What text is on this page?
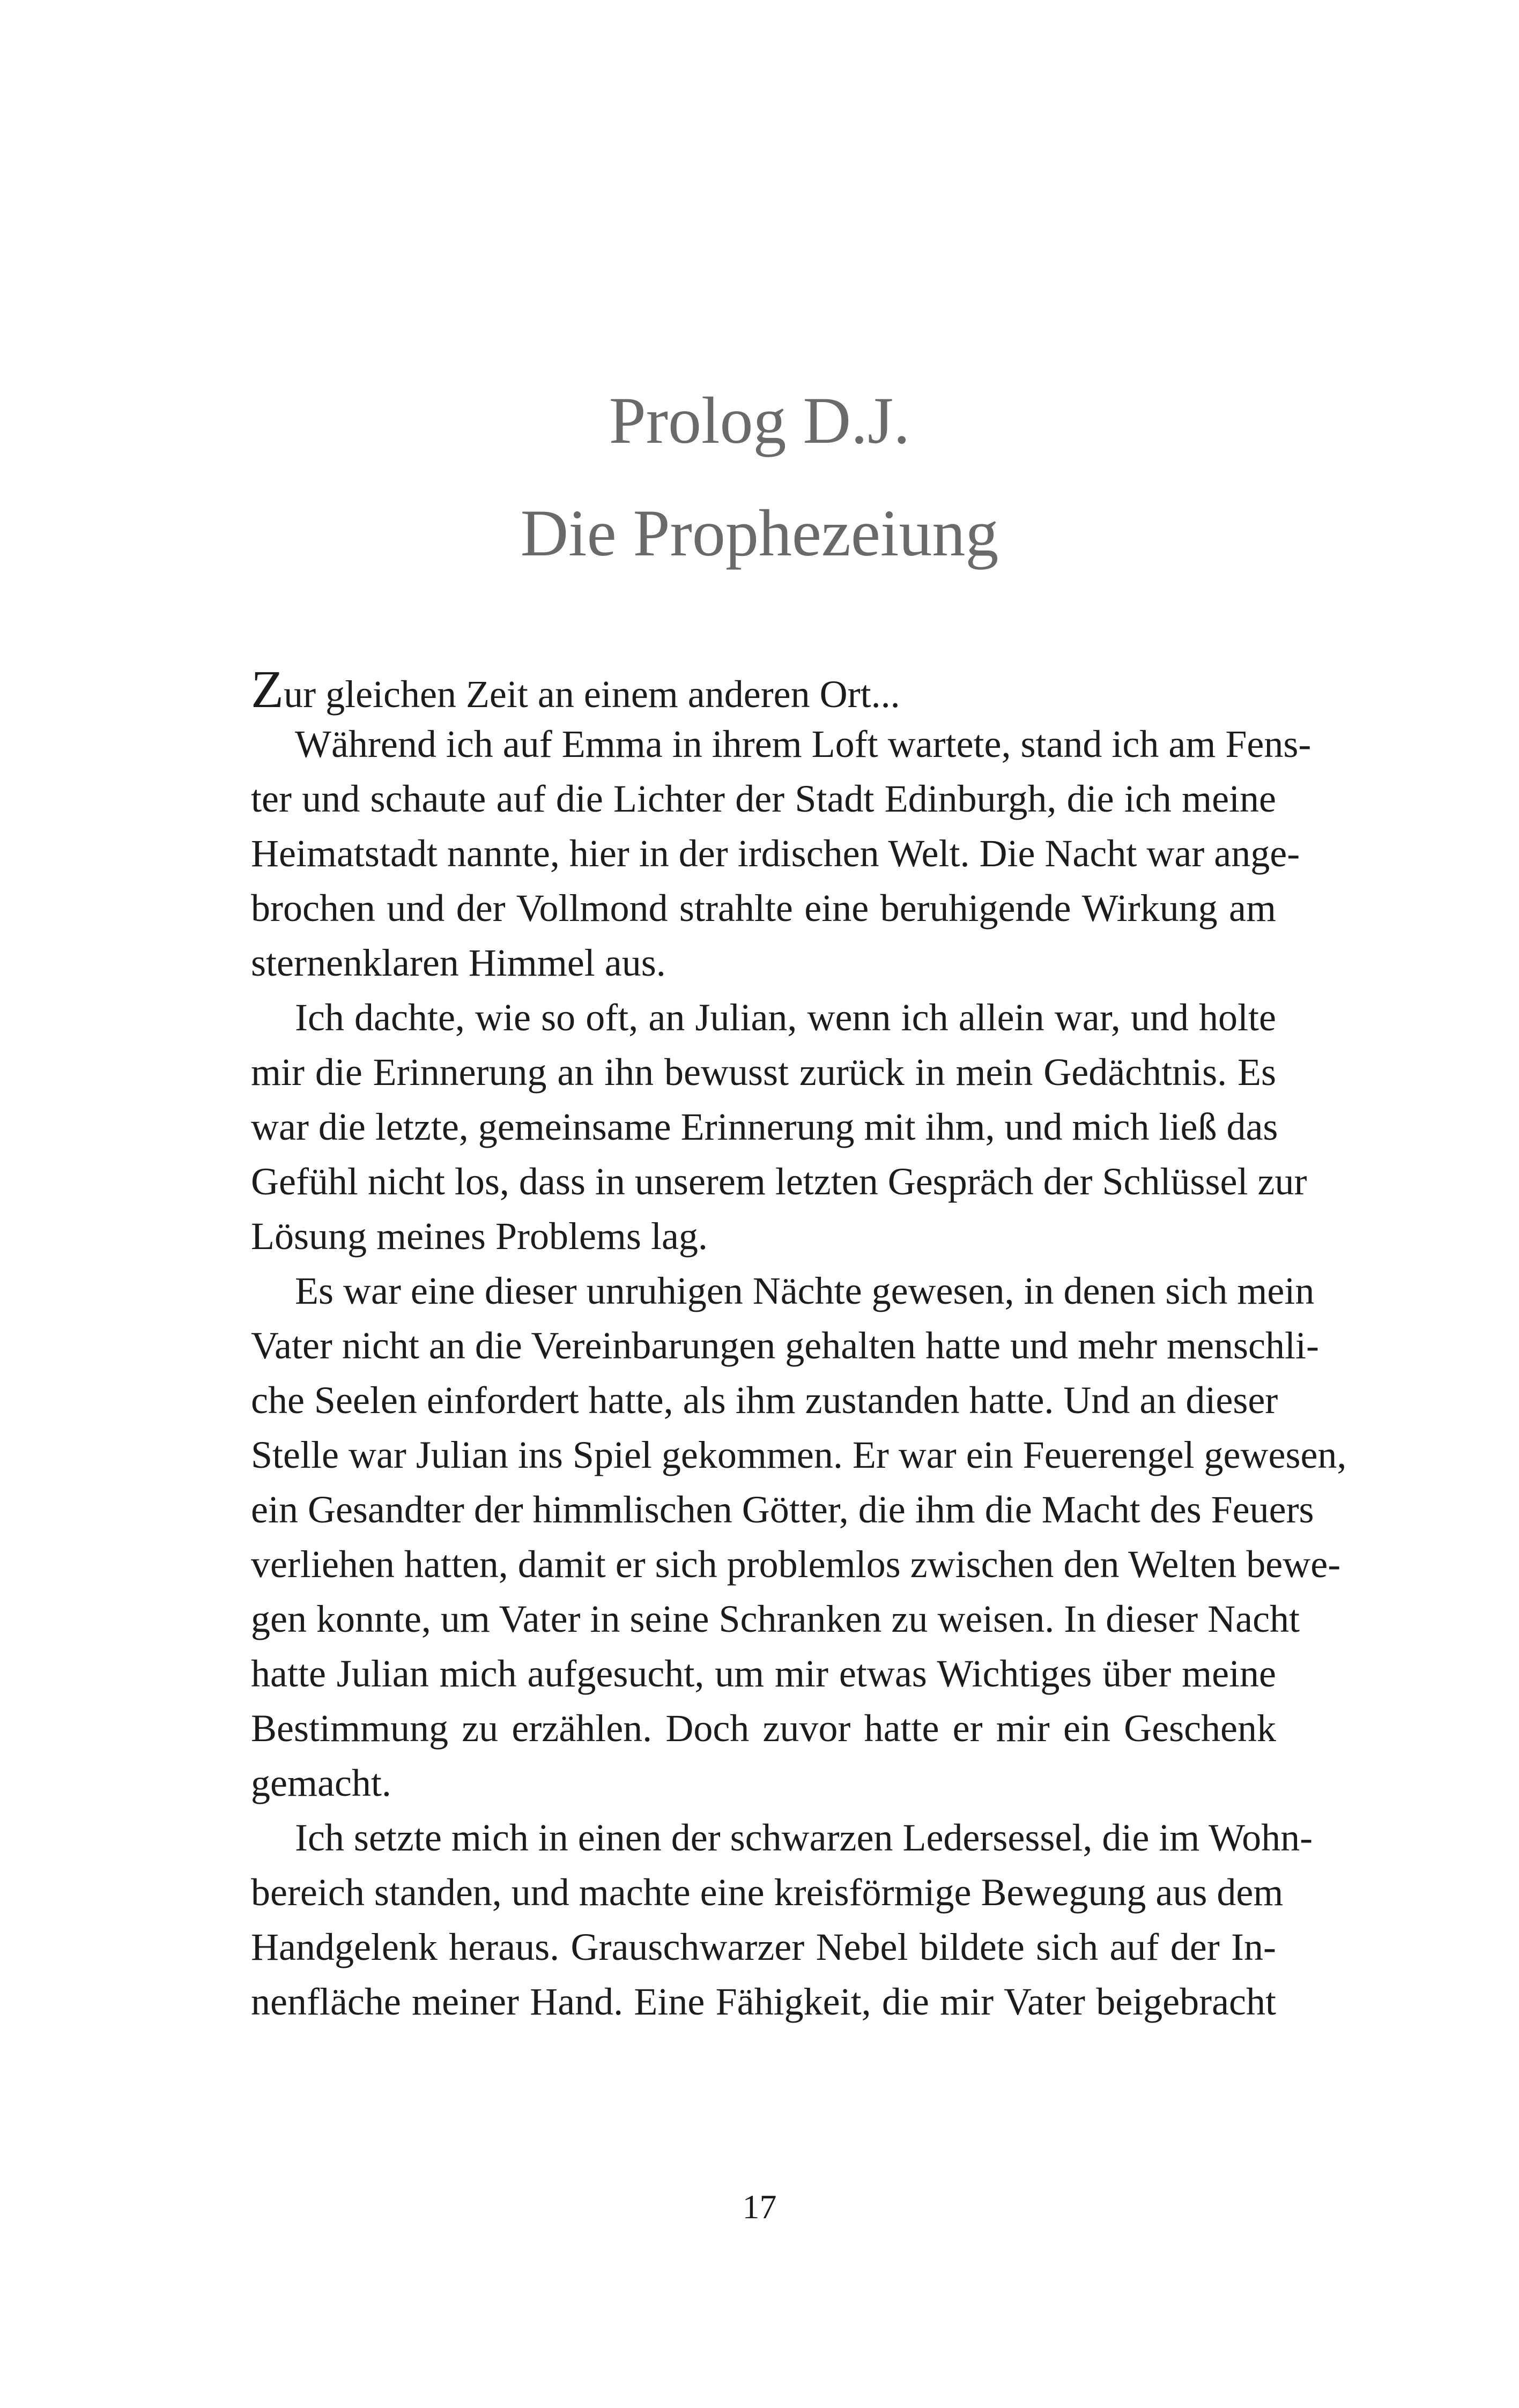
Prolog D.J.
Die Prophezeiung
Zur gleichen Zeit an einem anderen Ort...
Während ich auf Emma in ihrem Loft wartete, stand ich am Fens-
ter und schaute auf die Lichter der Stadt Edinburgh, die ich meine
Heimatstadt nannte, hier in der irdischen Welt. Die Nacht war ange-
brochen und der Vollmond strahlte eine beruhigende Wirkung am
sternenklaren Himmel aus.
Ich dachte, wie so oft, an Julian, wenn ich allein war, und holte
mir die Erinnerung an ihn bewusst zurück in mein Gedächtnis. Es
war die letzte, gemeinsame Erinnerung mit ihm, und mich ließ das
Gefühl nicht los, dass in unserem letzten Gespräch der Schlüssel zur
Lösung meines Problems lag.
Es war eine dieser unruhigen Nächte gewesen, in denen sich mein
Vater nicht an die Vereinbarungen gehalten hatte und mehr menschli-
che Seelen einfordert hatte, als ihm zustanden hatte. Und an dieser
Stelle war Julian ins Spiel gekommen. Er war ein Feuerengel gewesen,
ein Gesandter der himmlischen Götter, die ihm die Macht des Feuers
verliehen hatten, damit er sich problemlos zwischen den Welten bewe-
gen konnte, um Vater in seine Schranken zu weisen. In dieser Nacht
hatte Julian mich aufgesucht, um mir etwas Wichtiges über meine
Bestimmung zu erzählen. Doch zuvor hatte er mir ein Geschenk
gemacht.
Ich setzte mich in einen der schwarzen Ledersessel, die im Wohn-
bereich standen, und machte eine kreisförmige Bewegung aus dem
Handgelenk heraus. Grauschwarzer Nebel bildete sich auf der In-
nenfläche meiner Hand. Eine Fähigkeit, die mir Vater beigebracht
17
